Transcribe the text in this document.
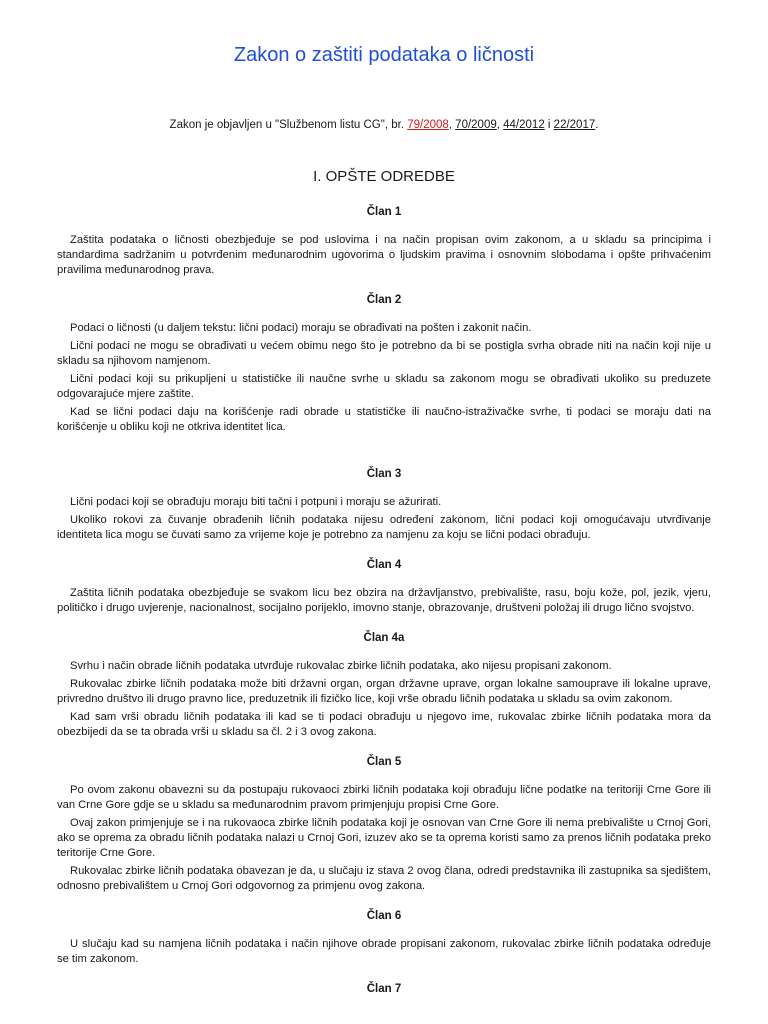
Zakon o zaštiti podataka o ličnosti
Zakon je objavljen u "Službenom listu CG", br. 79/2008, 70/2009, 44/2012 i 22/2017.
I. OPŠTE ODREDBE
Član 1

Zaštita podataka o ličnosti obezbjeđuje se pod uslovima i na način propisan ovim zakonom, a u skladu sa principima i standardima sadržanim u potvrđenim međunarodnim ugovorima o ljudskim pravima i osnovnim slobodama i opšte prihvaćenim pravilima međunarodnog prava.

Član 2

Podaci o ličnosti (u daljem tekstu: lični podaci) moraju se obrađivati na pošten i zakonit način.

Lični podaci ne mogu se obrađivati u većem obimu nego što je potrebno da bi se postigla svrha obrade niti na način koji nije u skladu sa njihovom namjenom.

Lični podaci koji su prikupljeni u statističke ili naučne svrhe u skladu sa zakonom mogu se obrađivati ukoliko su preduzete odgovarajuće mjere zaštite.

Kad se lični podaci daju na korišćenje radi obrade u statističke ili naučno-istraživačke svrhe, ti podaci se moraju dati na korišćenje u obliku koji ne otkriva identitet lica.

Član 3

Lični podaci koji se obrađuju moraju biti tačni i potpuni i moraju se ažurirati.

Ukoliko rokovi za čuvanje obrađenih ličnih podataka nijesu određeni zakonom, lični podaci koji omogućavaju utvrđivanje identiteta lica mogu se čuvati samo za vrijeme koje je potrebno za namjenu za koju se lični podaci obrađuju.

Član 4

Zaštita ličnih podataka obezbjeđuje se svakom licu bez obzira na državljanstvo, prebivalište, rasu, boju kože, pol, jezik, vjeru, političko i drugo uvjerenje, nacionalnost, socijalno porijeklo, imovno stanje, obrazovanje, društveni položaj ili drugo lično svojstvo.

Član 4a

Svrhu i način obrade ličnih podataka utvrđuje rukovalac zbirke ličnih podataka, ako nijesu propisani zakonom.

Rukovalac zbirke ličnih podataka može biti državni organ, organ državne uprave, organ lokalne samouprave ili lokalne uprave, privredno društvo ili drugo pravno lice, preduzetnik ili fizičko lice, koji vrše obradu ličnih podataka u skladu sa ovim zakonom.

Kad sam vrši obradu ličnih podataka ili kad se ti podaci obrađuju u njegovo ime, rukovalac zbirke ličnih podataka mora da obezbijedi da se ta obrada vrši u skladu sa čl. 2 i 3 ovog zakona.

Član 5

Po ovom zakonu obavezni su da postupaju rukovaoci zbirki ličnih podataka koji obrađuju lične podatke na teritoriji Crne Gore ili van Crne Gore gdje se u skladu sa međunarodnim pravom primjenjuju propisi Crne Gore.

Ovaj zakon primjenjuje se i na rukovaoca zbirke ličnih podataka koji je osnovan van Crne Gore ili nema prebivalište u Crnoj Gori, ako se oprema za obradu ličnih podataka nalazi u Crnoj Gori, izuzev ako se ta oprema koristi samo za prenos ličnih podataka preko teritorije Crne Gore.

Rukovalac zbirke ličnih podataka obavezan je da, u slučaju iz stava 2 ovog člana, odredi predstavnika ili zastupnika sa sjedištem, odnosno prebivalištem u Crnoj Gori odgovornog za primjenu ovog zakona.

Član 6

U slučaju kad su namjena ličnih podataka i način njihove obrade propisani zakonom, rukovalac zbirke ličnih podataka određuje se tim zakonom.

Član 7
